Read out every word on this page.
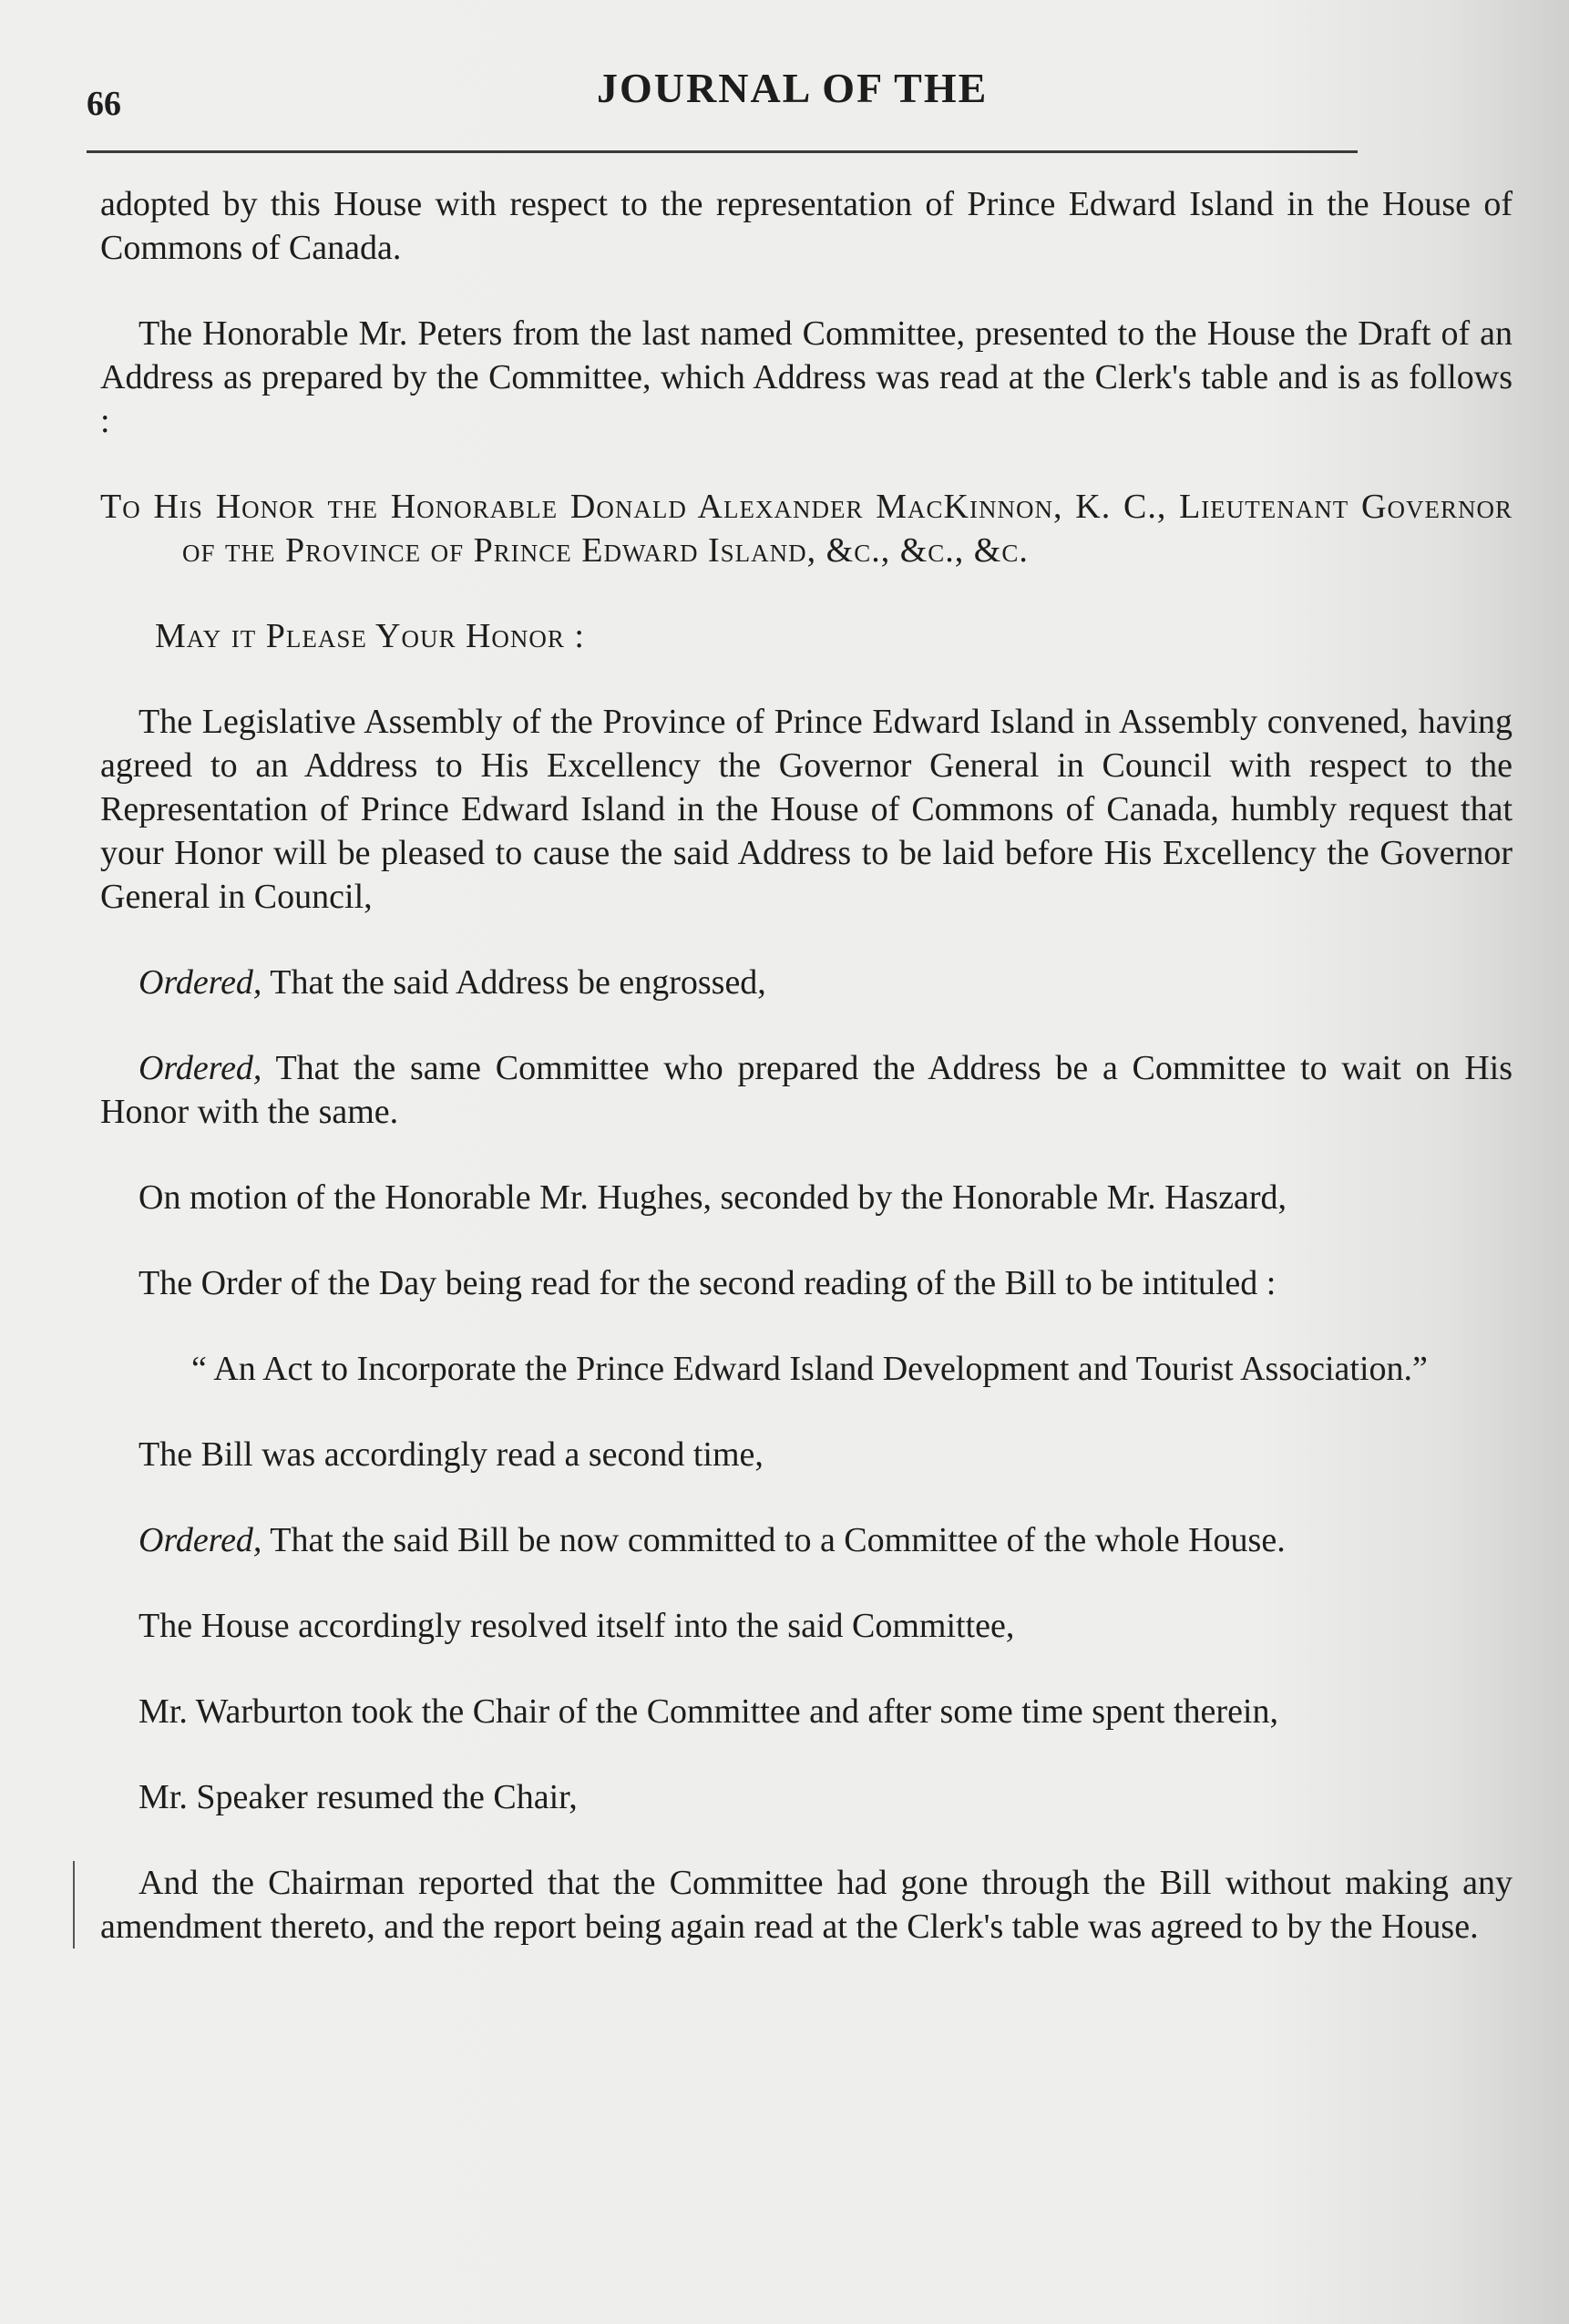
66	JOURNAL OF THE

adopted by this House with respect to the representation of Prince Edward Island in the House of Commons of Canada.

The Honorable Mr. Peters from the last named Committee, presented to the House the Draft of an Address as prepared by the Committee, which Address was read at the Clerk's table and is as follows :

To His Honor the Honorable Donald Alexander MacKinnon, K. C., Lieutenant Governor of the Province of Prince Edward Island, &c., &c., &c.

May it Please Your Honor :

The Legislative Assembly of the Province of Prince Edward Island in Assembly convened, having agreed to an Address to His Excellency the Governor General in Council with respect to the Representation of Prince Edward Island in the House of Commons of Canada, humbly request that your Honor will be pleased to cause the said Address to be laid before His Excellency the Governor General in Council,

Ordered, That the said Address be engrossed,

Ordered, That the same Committee who prepared the Address be a Committee to wait on His Honor with the same.

On motion of the Honorable Mr. Hughes, seconded by the Honorable Mr. Haszard,

The Order of the Day being read for the second reading of the Bill to be intituled :

“ An Act to Incorporate the Prince Edward Island Development and Tourist Association.”

The Bill was accordingly read a second time,

Ordered, That the said Bill be now committed to a Committee of the whole House.

The House accordingly resolved itself into the said Committee,

Mr. Warburton took the Chair of the Committee and after some time spent therein,

Mr. Speaker resumed the Chair,

And the Chairman reported that the Committee had gone through the Bill without making any amendment thereto, and the report being again read at the Clerk's table was agreed to by the House.
